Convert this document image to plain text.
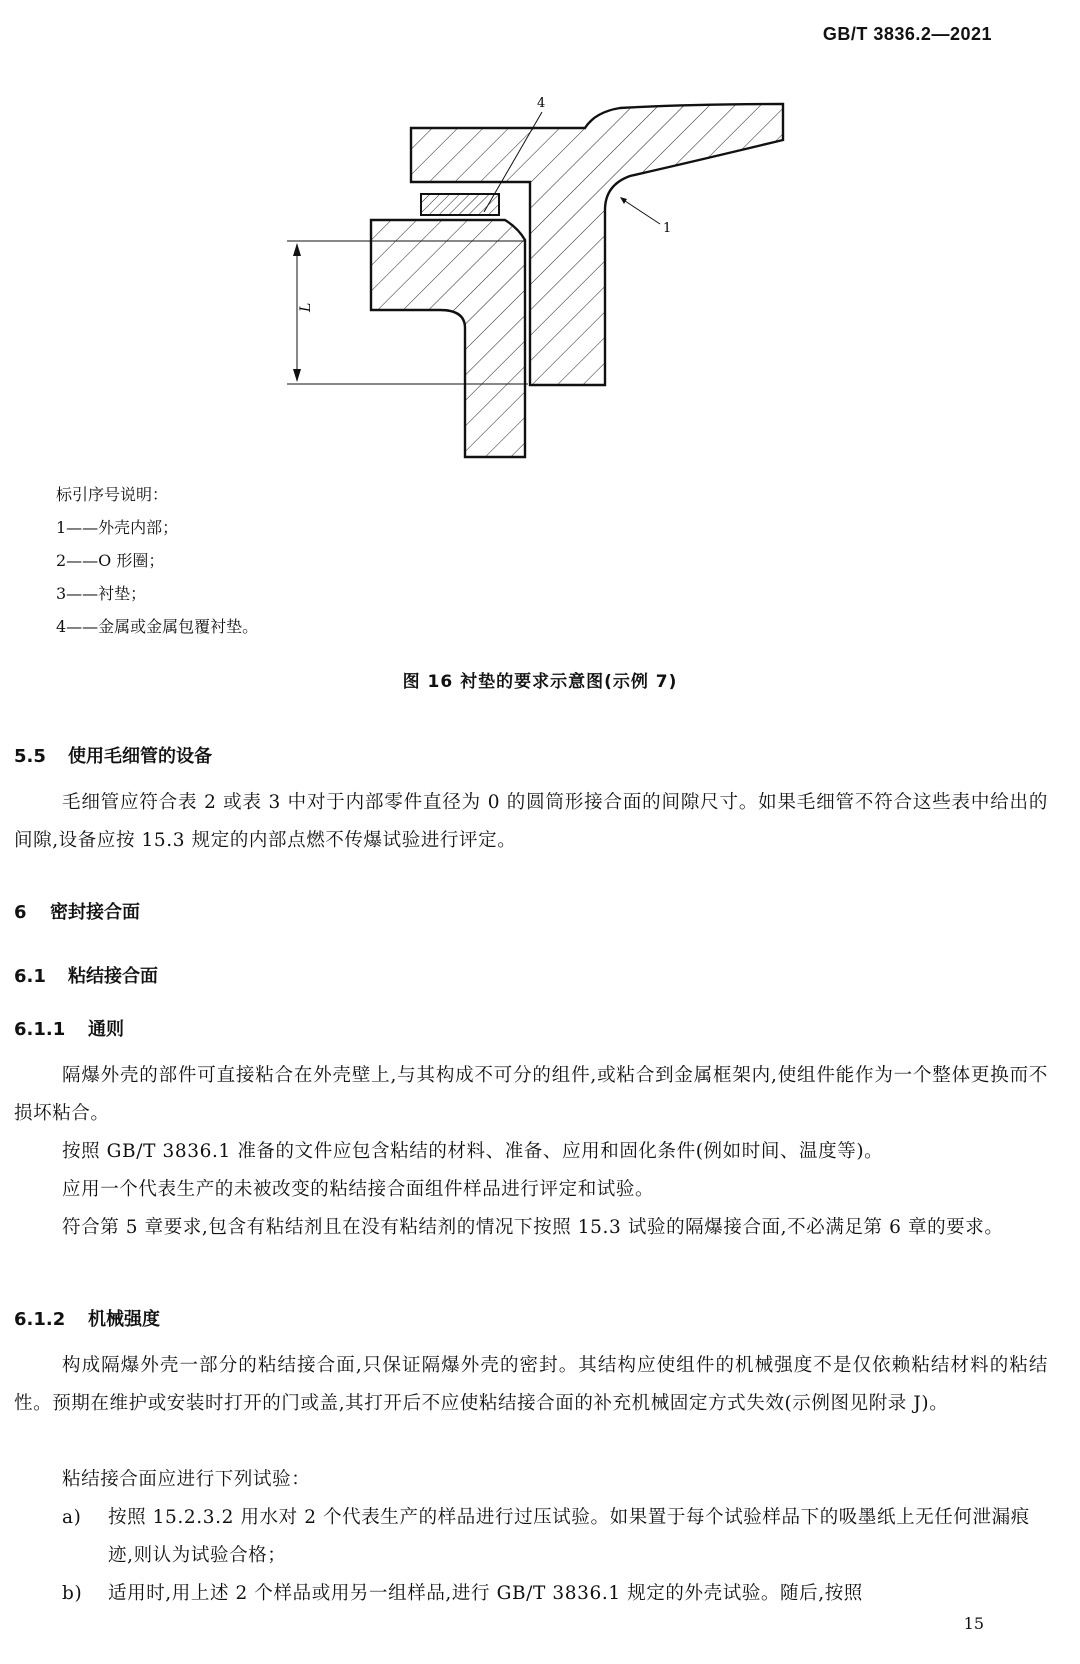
GB/T 3836.2—2021
L
4
1
标引序号说明：
1——外壳内部；
2——O 形圈；
3——衬垫；
4——金属或金属包覆衬垫。
图 16 衬垫的要求示意图(示例 7)
5.5 使用毛细管的设备
毛细管应符合表 2 或表 3 中对于内部零件直径为 0 的圆筒形接合面的间隙尺寸。如果毛细管不符合这些表中给出的间隙,设备应按 15.3 规定的内部点燃不传爆试验进行评定。
6 密封接合面
6.1 粘结接合面
6.1.1 通则
隔爆外壳的部件可直接粘合在外壳壁上,与其构成不可分的组件,或粘合到金属框架内,使组件能作为一个整体更换而不损坏粘合。
按照 GB/T 3836.1 准备的文件应包含粘结的材料、准备、应用和固化条件(例如时间、温度等)。
应用一个代表生产的未被改变的粘结接合面组件样品进行评定和试验。
符合第 5 章要求,包含有粘结剂且在没有粘结剂的情况下按照 15.3 试验的隔爆接合面,不必满足第 6 章的要求。
6.1.2 机械强度
构成隔爆外壳一部分的粘结接合面,只保证隔爆外壳的密封。其结构应使组件的机械强度不是仅依赖粘结材料的粘结性。预期在维护或安装时打开的门或盖,其打开后不应使粘结接合面的补充机械固定方式失效(示例图见附录 J)。
粘结接合面应进行下列试验：
a) 按照 15.2.3.2 用水对 2 个代表生产的样品进行过压试验。如果置于每个试验样品下的吸墨纸上无任何泄漏痕迹,则认为试验合格；
b) 适用时,用上述 2 个样品或用另一组样品,进行 GB/T 3836.1 规定的外壳试验。随后,按照
15
